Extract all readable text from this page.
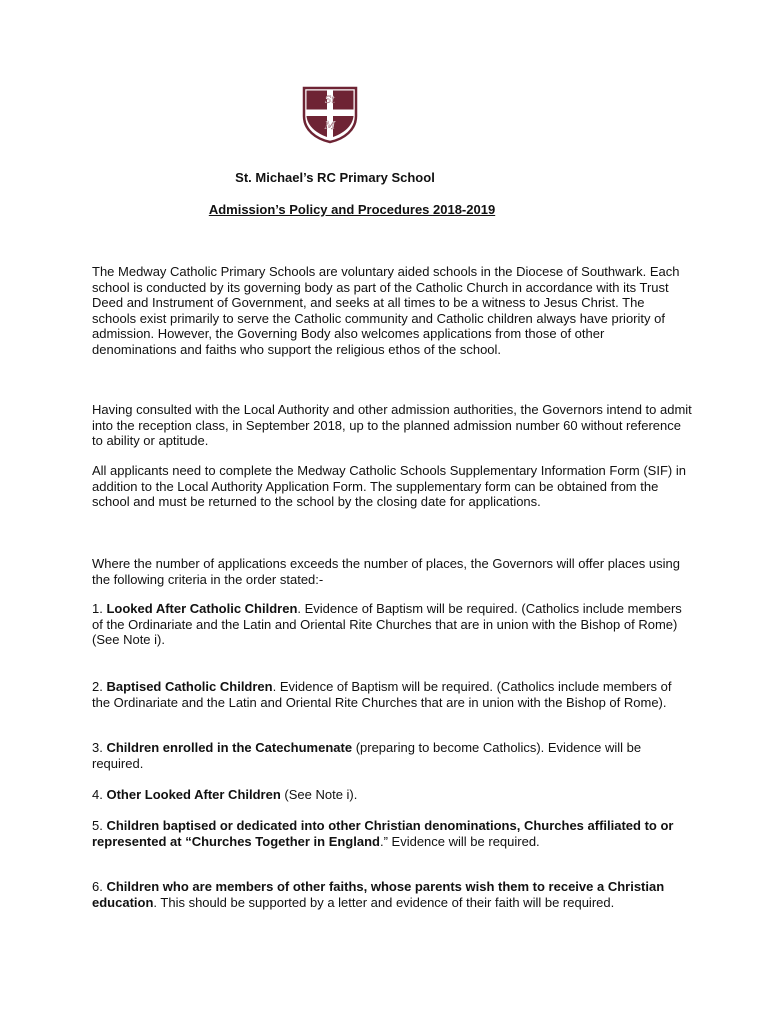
St
M
St. Michael’s RC Primary School
Admission’s Policy and Procedures 2018-2019

The Medway Catholic Primary Schools are voluntary aided schools in the Diocese of Southwark. Each school is conducted by its governing body as part of the Catholic Church in accordance with its Trust Deed and Instrument of Government, and seeks at all times to be a witness to Jesus Christ. The schools exist primarily to serve the Catholic community and Catholic children always have priority of admission. However, the Governing Body also welcomes applications from those of other denominations and faiths who support the religious ethos of the school.

Having consulted with the Local Authority and other admission authorities, the Governors intend to admit into the reception class, in September 2018, up to the planned admission number 60 without reference to ability or aptitude.

All applicants need to complete the Medway Catholic Schools Supplementary Information Form (SIF) in addition to the Local Authority Application Form. The supplementary form can be obtained from the school and must be returned to the school by the closing date for applications.

Where the number of applications exceeds the number of places, the Governors will offer places using the following criteria in the order stated:-

1. Looked After Catholic Children. Evidence of Baptism will be required. (Catholics include members of the Ordinariate and the Latin and Oriental Rite Churches that are in union with the Bishop of Rome)
(See Note i).

2. Baptised Catholic Children. Evidence of Baptism will be required. (Catholics include members of the Ordinariate and the Latin and Oriental Rite Churches that are in union with the Bishop of Rome).

3. Children enrolled in the Catechumenate (preparing to become Catholics). Evidence will be required.

4. Other Looked After Children (See Note i).

5. Children baptised or dedicated into other Christian denominations, Churches affiliated to or represented at “Churches Together in England.” Evidence will be required.

6. Children who are members of other faiths, whose parents wish them to receive a Christian education. This should be supported by a letter and evidence of their faith will be required.
